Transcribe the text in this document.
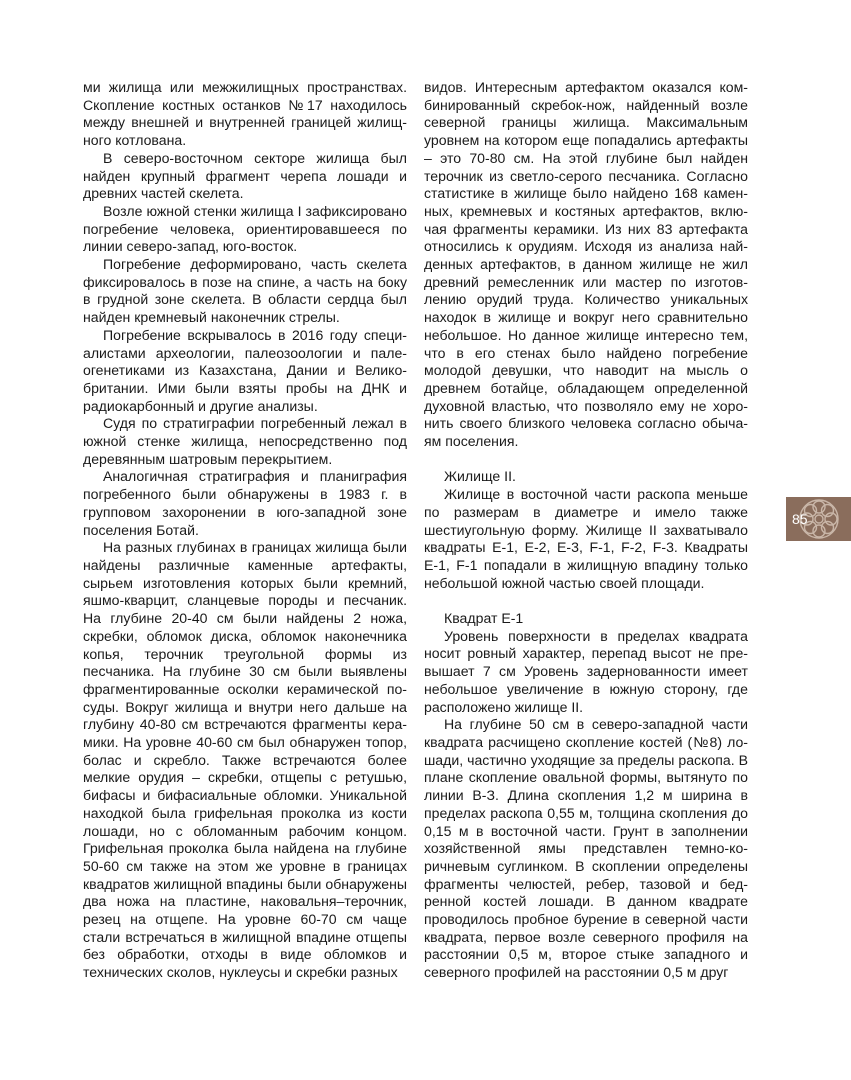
ми жилища или межжилищных пространствах. Скопление костных останков №17 находилось между внешней и внутренней границей жилищного котлована.

В северо-восточном секторе жилища был найден крупный фрагмент черепа лошади и древних частей скелета.

Возле южной стенки жилища I зафиксировано погребение человека, ориентировавшееся по линии северо-запад, юго-восток.

Погребение деформировано, часть скелета фиксировалось в позе на спине, а часть на боку в грудной зоне скелета. В области сердца был найден кремневый наконечник стрелы.

Погребение вскрывалось в 2016 году специалистами археологии, палеозоологии и палеогенетиками из Казахстана, Дании и Великобритании. Ими были взяты пробы на ДНК и радиокарбонный и другие анализы.

Судя по стратиграфии погребенный лежал в южной стенке жилища, непосредственно под деревянным шатровым перекрытием.

Аналогичная стратиграфия и планиграфия погребенного были обнаружены в 1983 г. в групповом захоронении в юго-западной зоне поселения Ботай.

На разных глубинах в границах жилища были найдены различные каменные артефакты, сырьем изготовления которых были кремний, яшмо-кварцит, сланцевые породы и песчаник. На глубине 20-40 см были найдены 2 ножа, скребки, обломок диска, обломок наконечника копья, терочник треугольной формы из песчаника. На глубине 30 см были выявлены фрагментированные осколки керамической посуды. Вокруг жилища и внутри него дальше на глубину 40-80 см встречаются фрагменты керамики. На уровне 40-60 см был обнаружен топор, болас и скребло. Также встречаются более мелкие орудия – скребки, отщепы с ретушью, бифасы и бифасиальные обломки. Уникальной находкой была грифельная проколка из кости лошади, но с обломанным рабочим концом. Грифельная проколка была найдена на глубине 50-60 см также на этом же уровне в границах квадратов жилищной впадины были обнаружены два ножа на пластине, наковальня–терочник, резец на отщепе. На уровне 60-70 см чаще стали встречаться в жилищной впадине отщепы без обработки, отходы в виде обломков и технических сколов, нуклеусы и скребки разных

видов. Интересным артефактом оказался комбинированный скребок-нож, найденный возле северной границы жилища. Максимальным уровнем на котором еще попадались артефакты – это 70-80 см. На этой глубине был найден терочник из светло-серого песчаника. Согласно статистике в жилище было найдено 168 каменных, кремневых и костяных артефактов, включая фрагменты керамики. Из них 83 артефакта относились к орудиям. Исходя из анализа найденных артефактов, в данном жилище не жил древний ремесленник или мастер по изготовлению орудий труда. Количество уникальных находок в жилище и вокруг него сравнительно небольшое. Но данное жилище интересно тем, что в его стенах было найдено погребение молодой девушки, что наводит на мысль о древнем ботайце, обладающем определенной духовной властью, что позволяло ему не хоронить своего близкого человека согласно обычаям поселения.

Жилище II.

Жилище в восточной части раскопа меньше по размерам в диаметре и имело также шестиугольную форму. Жилище II захватывало квадраты Е-1, Е-2, Е-3, F-1, F-2, F-3. Квадраты Е-1, F-1 попадали в жилищную впадину только небольшой южной частью своей площади.

Квадрат Е-1

Уровень поверхности в пределах квадрата носит ровный характер, перепад высот не превышает 7 см Уровень задернованности имеет небольшое увеличение в южную сторону, где расположено жилище II.

На глубине 50 см в северо-западной части квадрата расчищено скопление костей (№8) лошади, частично уходящие за пределы раскопа. В плане скопление овальной формы, вытянуто по линии В-З. Длина скопления 1,2 м ширина в пределах раскопа 0,55 м, толщина скопления до 0,15 м в восточной части. Грунт в заполнении хозяйственной ямы представлен темно-коричневым суглинком. В скоплении определены фрагменты челюстей, ребер, тазовой и бедренной костей лошади. В данном квадрате проводилось пробное бурение в северной части квадрата, первое возле северного профиля на расстоянии 0,5 м, второе стыке западного и северного профилей на расстоянии 0,5 м друг

85
